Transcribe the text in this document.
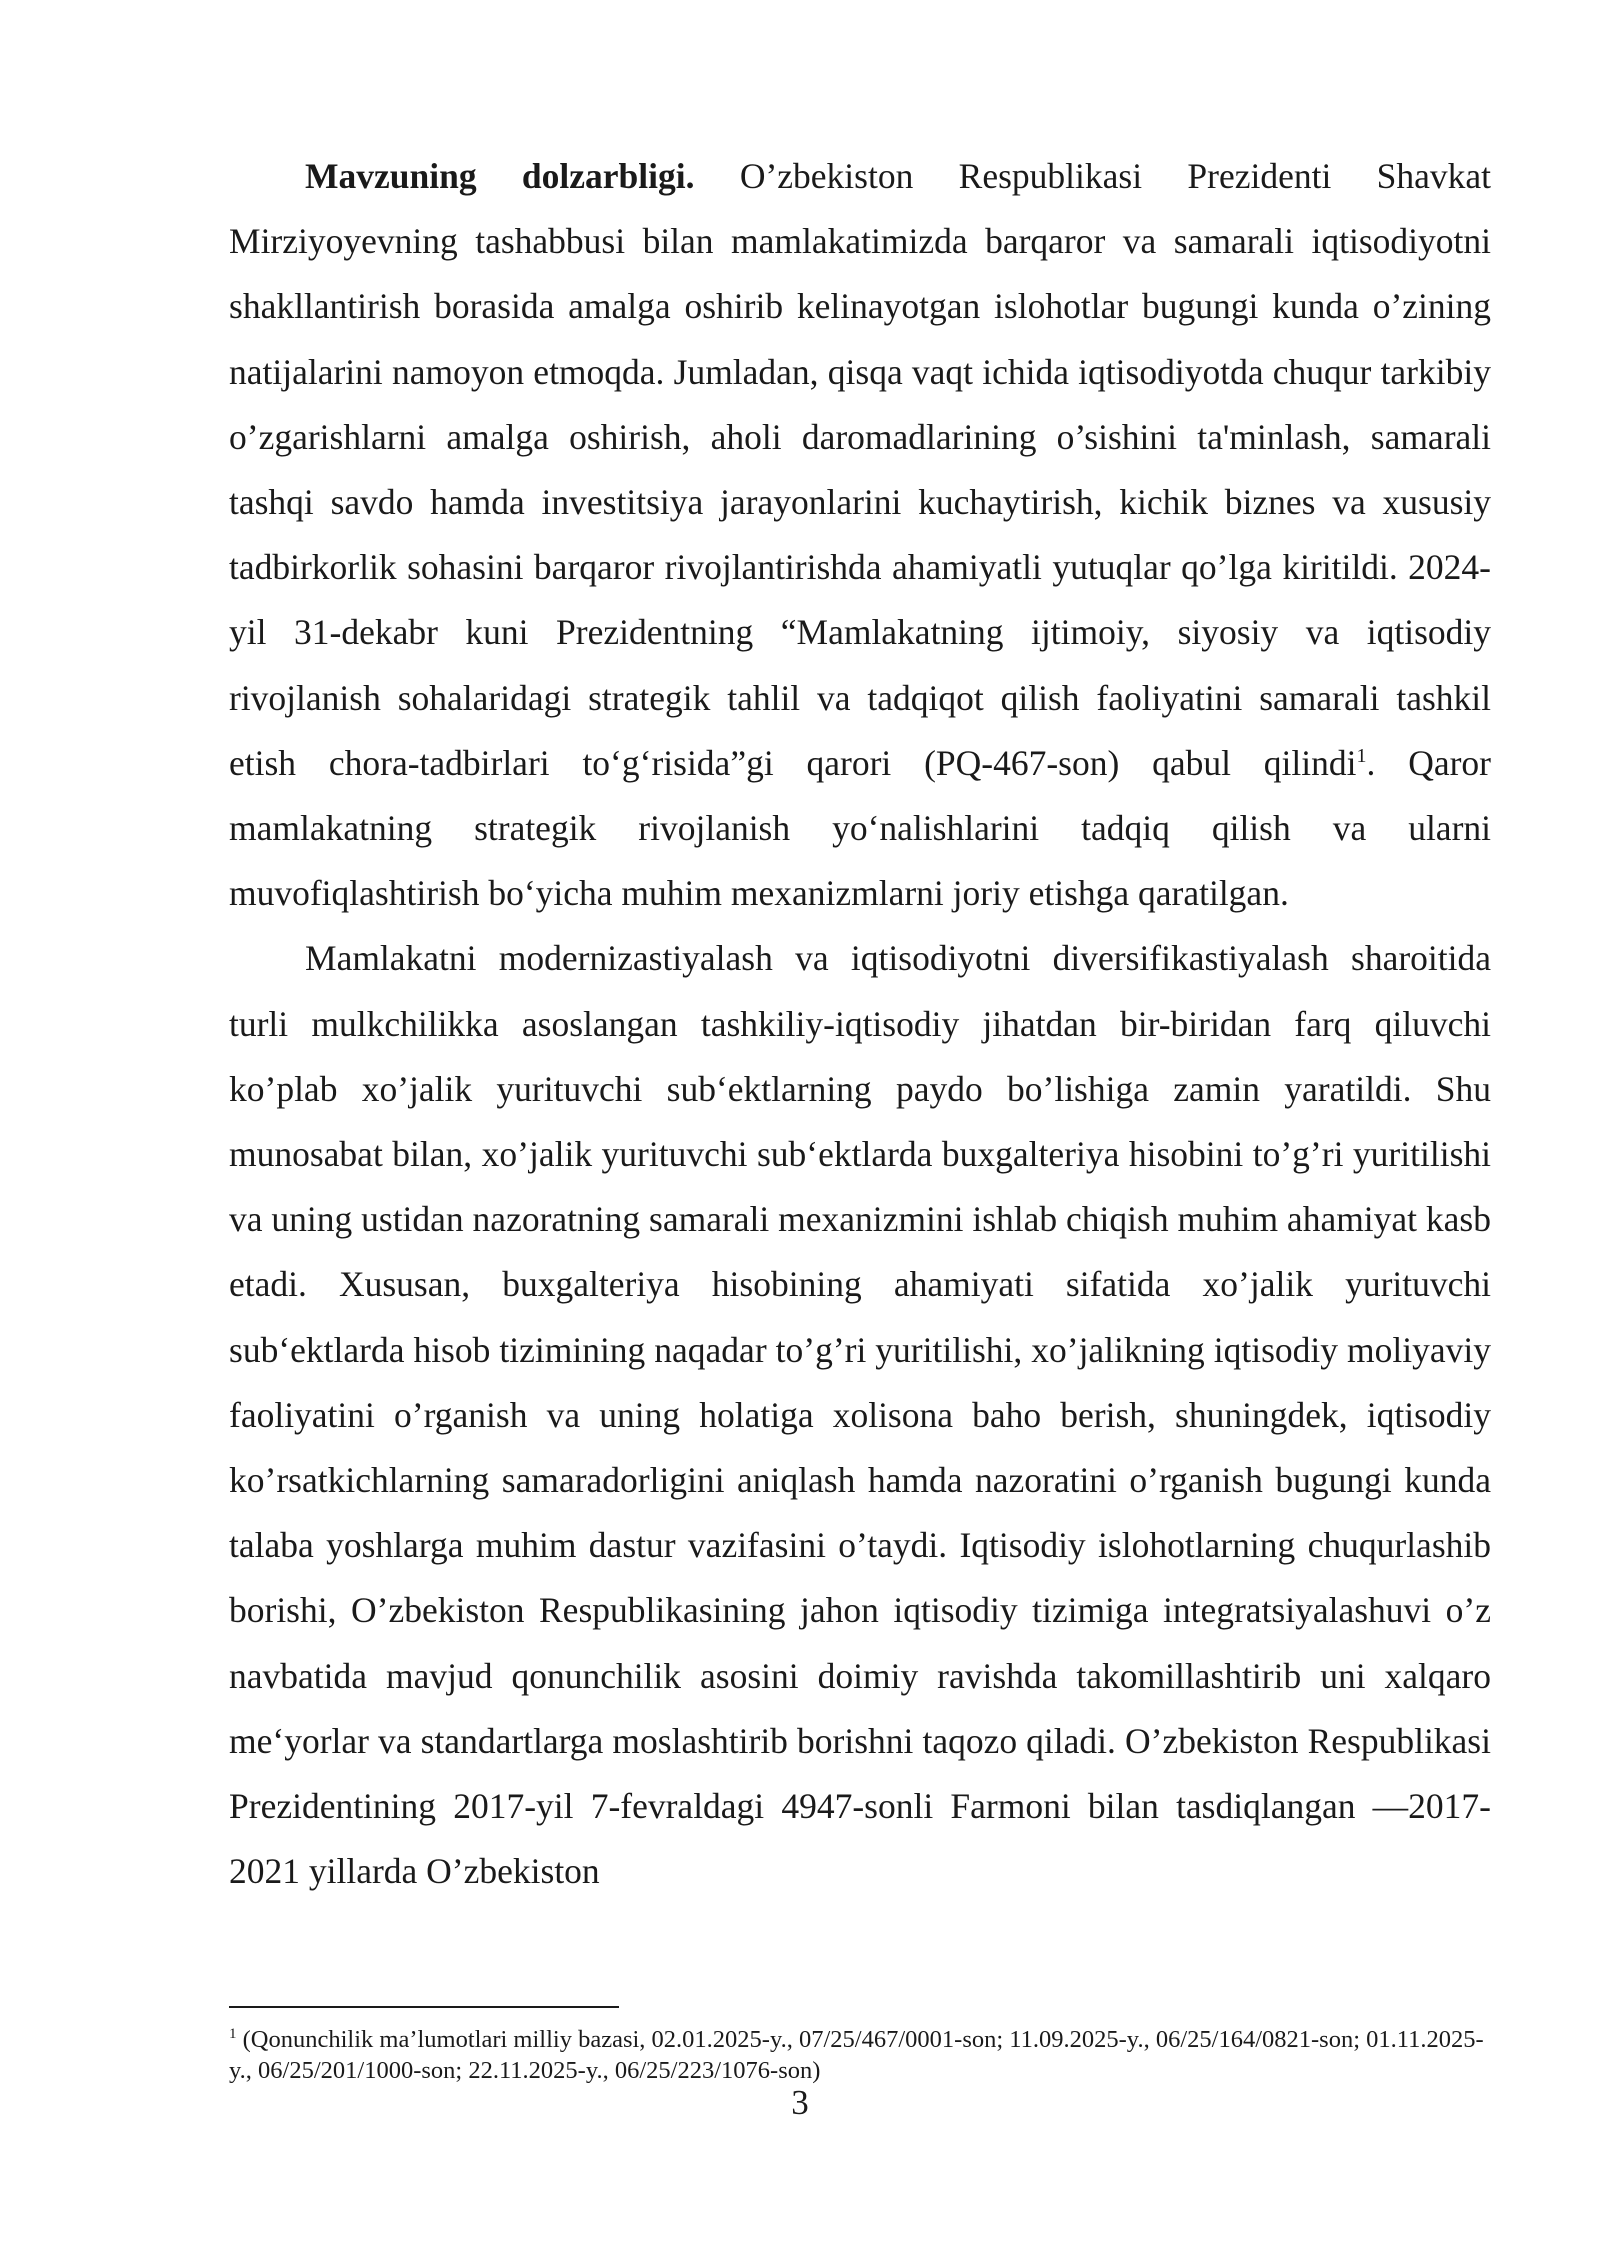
Mavzuning dolzarbligi. O’zbekiston Respublikasi Prezidenti Shavkat Mirziyoyevning tashabbusi bilan mamlakatimizda barqaror va samarali iqtisodiyotni shakllantirish borasida amalga oshirib kelinayotgan islohotlar bugungi kunda o’zining natijalarini namoyon etmoqda. Jumladan, qisqa vaqt ichida iqtisodiyotda chuqur tarkibiy o’zgarishlarni amalga oshirish, aholi daromadlarining o’sishini ta'minlash, samarali tashqi savdo hamda investitsiya jarayonlarini kuchaytirish, kichik biznes va xususiy tadbirkorlik sohasini barqaror rivojlantirishda ahamiyatli yutuqlar qo’lga kiritildi. 2024-yil 31-dekabr kuni Prezidentning “Mamlakatning ijtimoiy, siyosiy va iqtisodiy rivojlanish sohalaridagi strategik tahlil va tadqiqot qilish faoliyatini samarali tashkil etish chora-tadbirlari to‘g‘risida”gi qarori (PQ-467-son) qabul qilindi$^1$. Qaror mamlakatning strategik rivojlanish yo‘nalishlarini tadqiq qilish va ularni muvofiqlashtirish bo‘yicha muhim mexanizmlarni joriy etishga qaratilgan.

Mamlakatni modernizastiyalash va iqtisodiyotni diversifikastiyalash sharoitida turli mulkchilikka asoslangan tashkiliy-iqtisodiy jihatdan bir-biridan farq qiluvchi ko’plab xo’jalik yurituvchi sub‘ektlarning paydo bo’lishiga zamin yaratildi. Shu munosabat bilan, xo’jalik yurituvchi sub‘ektlarda buxgalteriya hisobini to’g’ri yuritilishi va uning ustidan nazoratning samarali mexanizmini ishlab chiqish muhim ahamiyat kasb etadi. Xususan, buxgalteriya hisobining ahamiyati sifatida xo’jalik yurituvchi sub‘ektlarda hisob tizimining naqadar to’g’ri yuritilishi, xo’jalikning iqtisodiy moliyaviy faoliyatini o’rganish va uning holatiga xolisona baho berish, shuningdek, iqtisodiy ko’rsatkichlarning samaradorligini aniqlash hamda nazoratini o’rganish bugungi kunda talaba yoshlarga muhim dastur vazifasini o’taydi. Iqtisodiy islohotlarning chuqurlashib borishi, O’zbekiston Respublikasining jahon iqtisodiy tizimiga integratsiyalashuvi o’z navbatida mavjud qonunchilik asosini doimiy ravishda takomillashtirib uni xalqaro me‘yorlar va standartlarga moslashtirib borishni taqozo qiladi. O’zbekiston Respublikasi Prezidentining 2017-yil 7-fevraldagi 4947-sonli Farmoni bilan tasdiqlangan ―2017-2021 yillarda O’zbekiston

$^1$ (Qonunchilik ma’lumotlari milliy bazasi, 02.01.2025-y., 07/25/467/0001-son; 11.09.2025-y., 06/25/164/0821-son; 01.11.2025-y., 06/25/201/1000-son; 22.11.2025-y., 06/25/223/1076-son)

3
